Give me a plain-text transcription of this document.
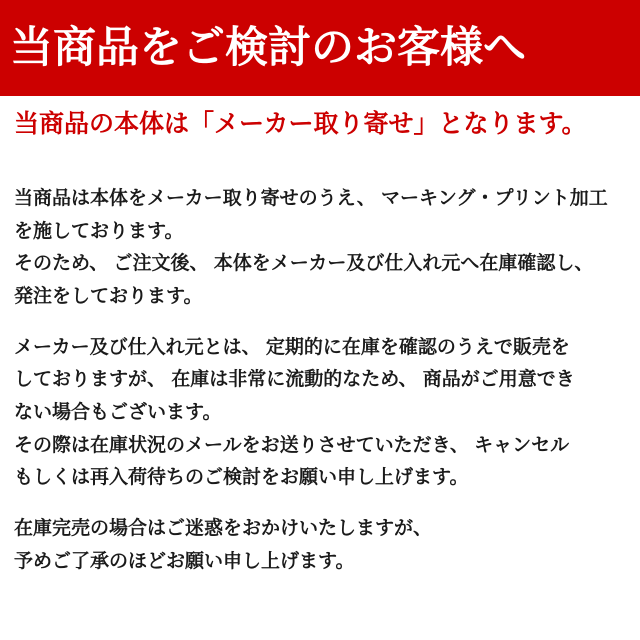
当商品をご検討のお客様へ
当商品の本体は「メーカー取り寄せ」となります。

当商品は本体をメーカー取り寄せのうえ、 マーキング・プリント加工
を施しております。
そのため、 ご注文後、 本体をメーカー及び仕入れ元へ在庫確認し、
発注をしております。

メーカー及び仕入れ元とは、 定期的に在庫を確認のうえで販売を
しておりますが、 在庫は非常に流動的なため、 商品がご用意でき
ない場合もございます。
その際は在庫状況のメールをお送りさせていただき、 キャンセル
もしくは再入荷待ちのご検討をお願い申し上げます。

在庫完売の場合はご迷惑をおかけいたしますが、
予めご了承のほどお願い申し上げます。
